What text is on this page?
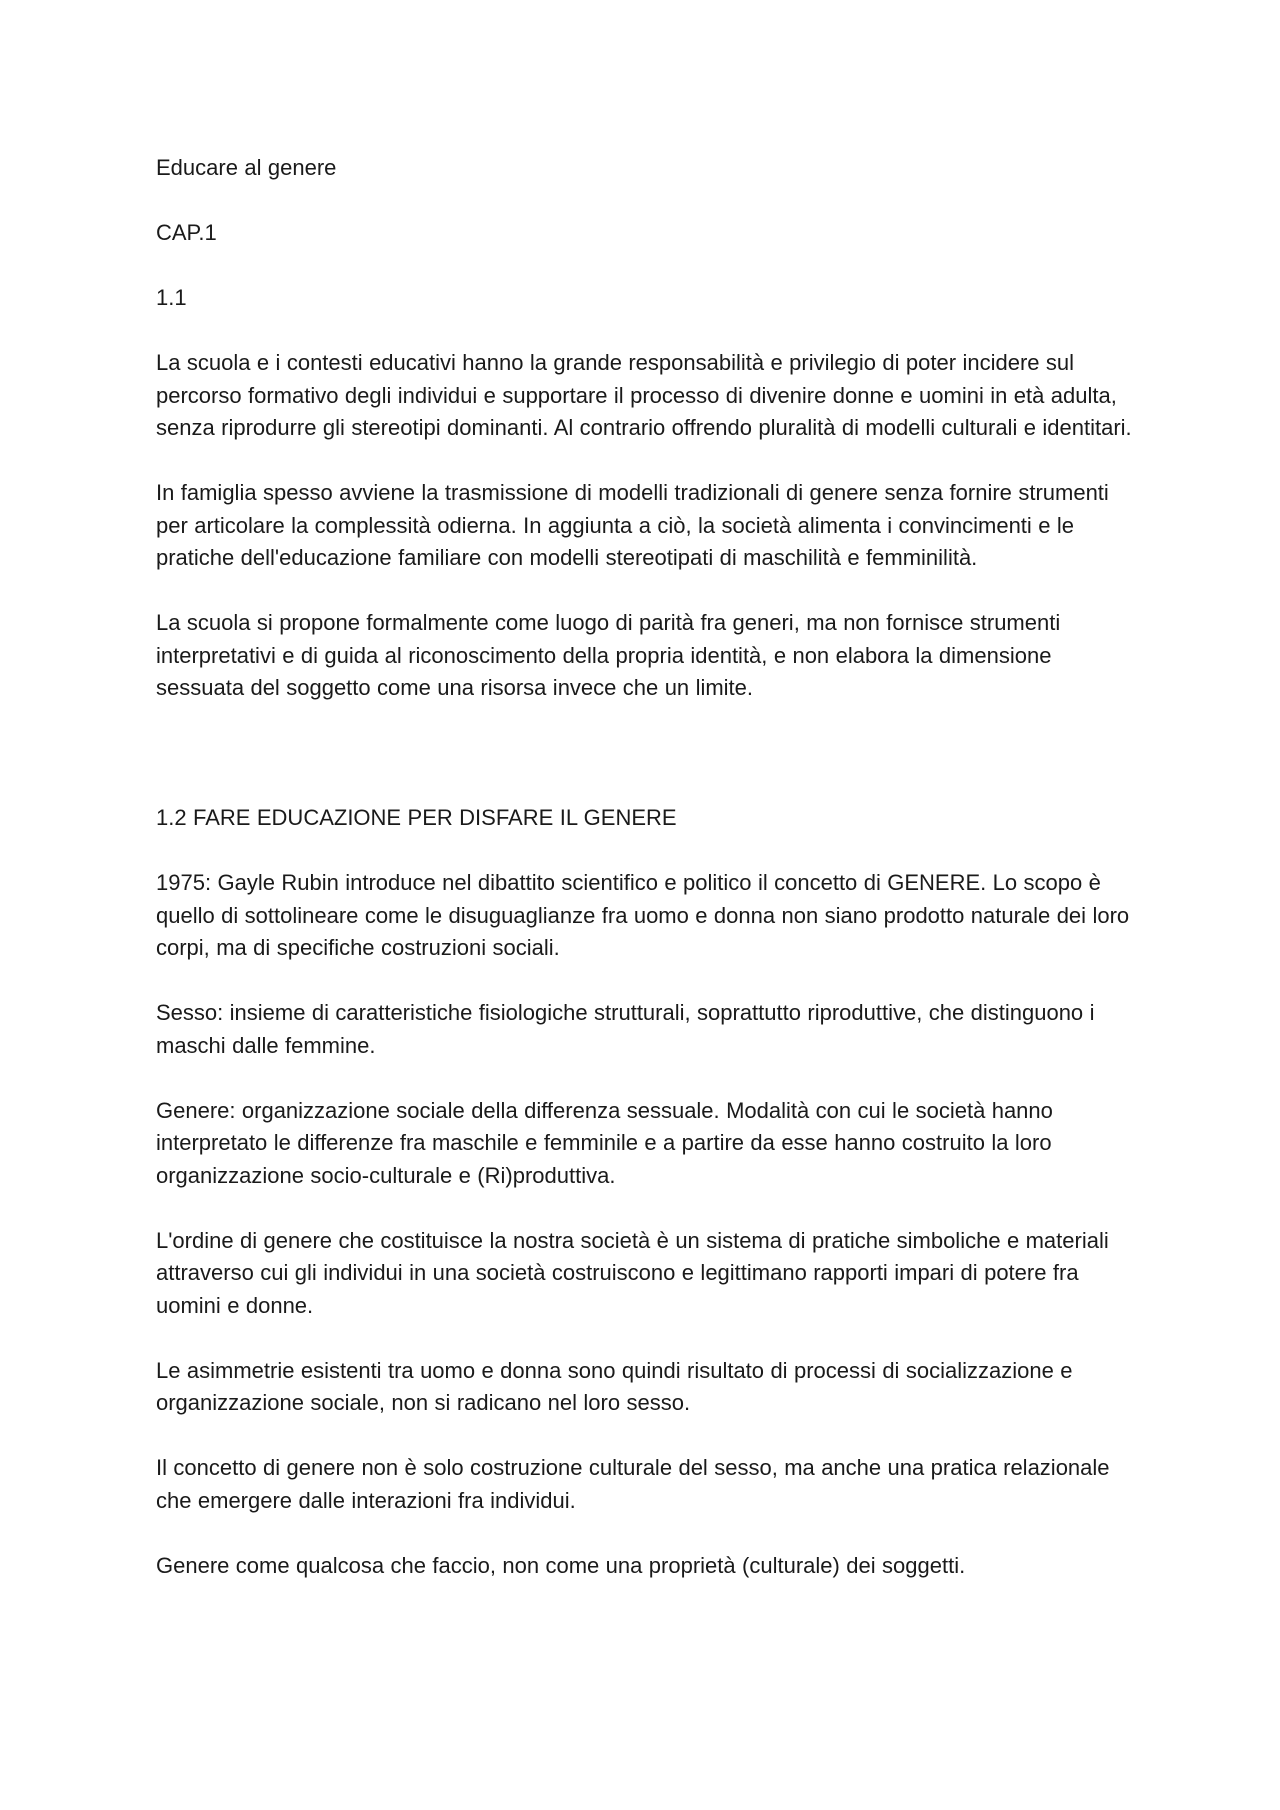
Educare al genere

CAP.1

1.1

La scuola e i contesti educativi hanno la grande responsabilità e privilegio di poter incidere sul percorso formativo degli individui e supportare il processo di divenire donne e uomini in età adulta, senza riprodurre gli stereotipi dominanti. Al contrario offrendo pluralità di modelli culturali e identitari.

In famiglia spesso avviene la trasmissione di modelli tradizionali di genere senza fornire strumenti per articolare la complessità odierna. In aggiunta a ciò, la società alimenta i convincimenti e le pratiche dell'educazione familiare con modelli stereotipati di maschilità e femminilità.

La scuola si propone formalmente come luogo di parità fra generi, ma non fornisce strumenti interpretativi e di guida al riconoscimento della propria identità, e non elabora la dimensione sessuata del soggetto come una risorsa invece che un limite.

1.2 FARE EDUCAZIONE PER DISFARE IL GENERE

1975: Gayle Rubin introduce nel dibattito scientifico e politico il concetto di GENERE. Lo scopo è quello di sottolineare come le disuguaglianze fra uomo e donna non siano prodotto naturale dei loro corpi, ma di specifiche costruzioni sociali.

Sesso: insieme di caratteristiche fisiologiche strutturali, soprattutto riproduttive, che distinguono i maschi dalle femmine.

Genere: organizzazione sociale della differenza sessuale. Modalità con cui le società hanno interpretato le differenze fra maschile e femminile e a partire da esse hanno costruito la loro organizzazione socio-culturale e (Ri)produttiva.

L'ordine di genere che costituisce la nostra società è un sistema di pratiche simboliche e materiali attraverso cui gli individui in una società costruiscono e legittimano rapporti impari di potere fra uomini e donne.

Le asimmetrie esistenti tra uomo e donna sono quindi risultato di processi di socializzazione e organizzazione sociale, non si radicano nel loro sesso.

Il concetto di genere non è solo costruzione culturale del sesso, ma anche una pratica relazionale che emergere dalle interazioni fra individui.

Genere come qualcosa che faccio, non come una proprietà (culturale) dei soggetti.
